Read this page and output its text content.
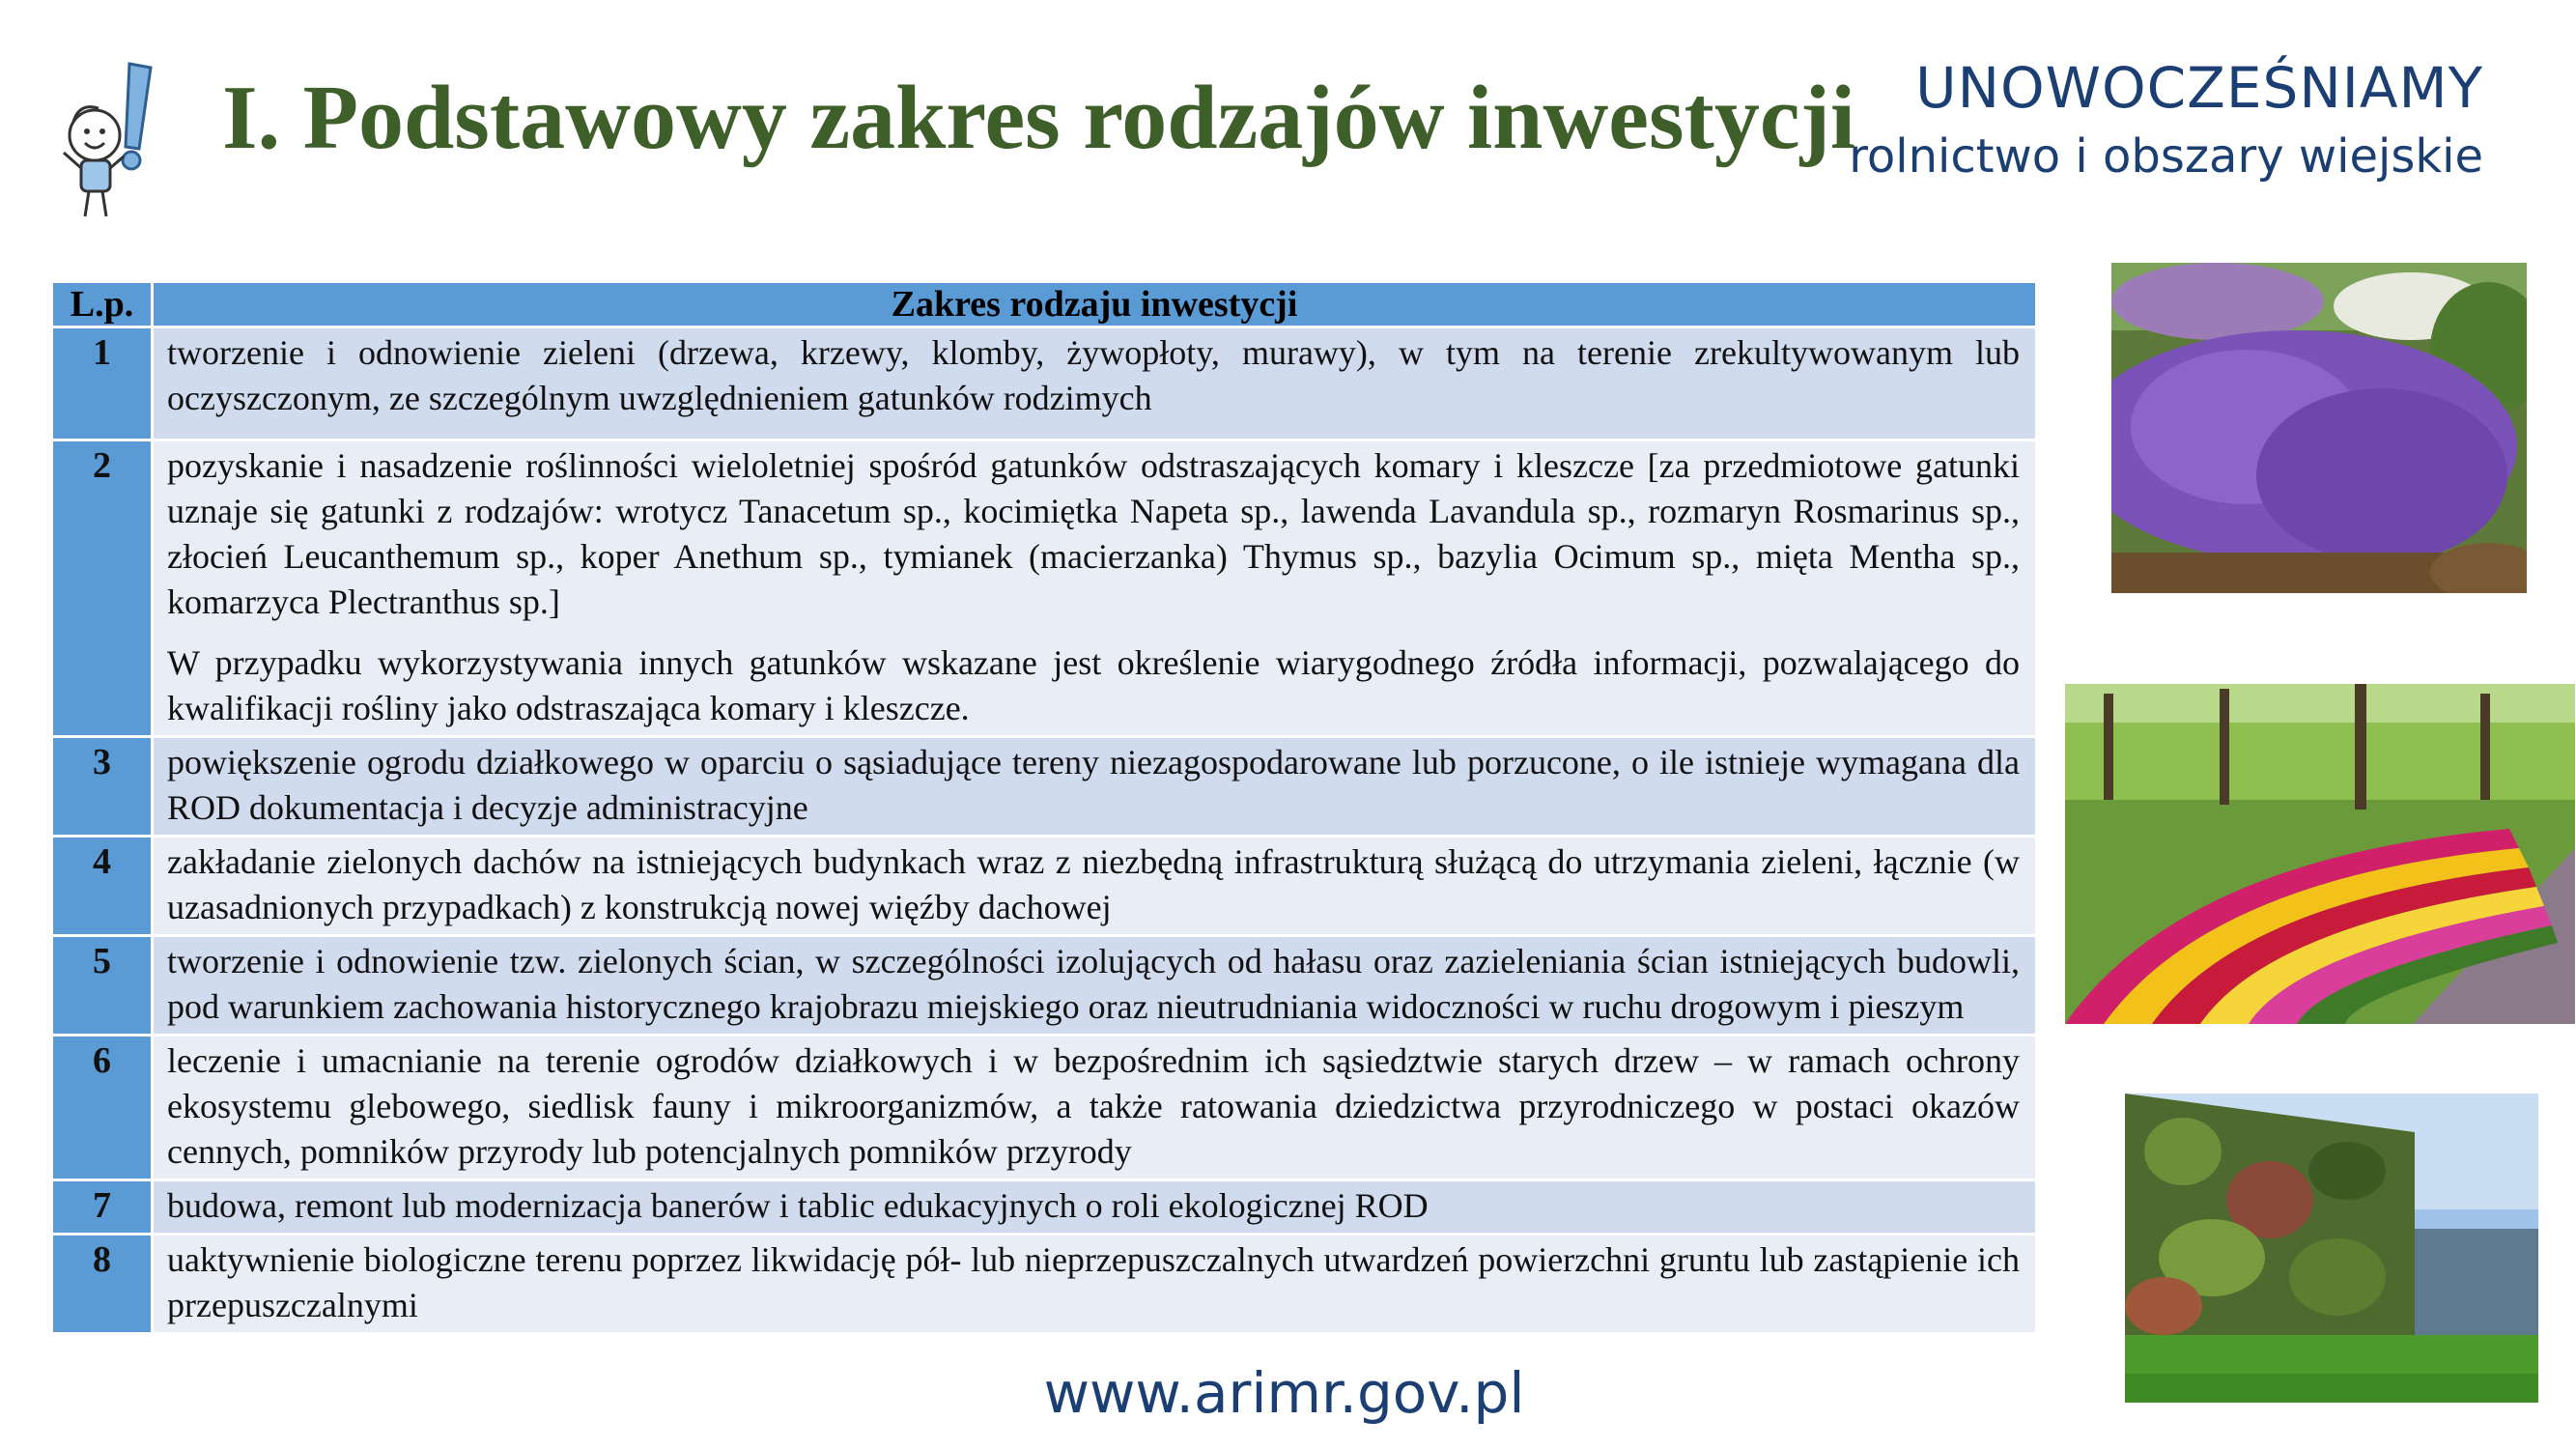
I. Podstawowy zakres rodzajów inwestycji	UNOWOCZEŚNIAMY
rolnictwo i obszary wiejskie
L.p.	Zakres rodzaju inwestycji
1	tworzenie i odnowienie zieleni (drzewa, krzewy, klomby, żywopłoty, murawy), w tym na terenie zrekultywowanym lub oczyszczonym, ze szczególnym uwzględnieniem gatunków rodzimych

2	pozyskanie i nasadzenie roślinności wieloletniej spośród gatunków odstraszających komary i kleszcze [za przedmiotowe gatunki uznaje się gatunki z rodzajów: wrotycz Tanacetum sp., kocimiętka Napeta sp., lawenda Lavandula sp., rozmaryn Rosmarinus sp., złocień Leucanthemum sp., koper Anethum sp., tymianek (macierzanka) Thymus sp., bazylia Ocimum sp., mięta Mentha sp., komarzyca Plectranthus sp.]

W przypadku wykorzystywania innych gatunków wskazane jest określenie wiarygodnego źródła informacji, pozwalającego do kwalifikacji rośliny jako odstraszająca komary i kleszcze.

3	powiększenie ogrodu działkowego w oparciu o sąsiadujące tereny niezagospodarowane lub porzucone, o ile istnieje wymagana dla ROD dokumentacja i decyzje administracyjne

4	zakładanie zielonych dachów na istniejących budynkach wraz z niezbędną infrastrukturą służącą do utrzymania zieleni, łącznie (w uzasadnionych przypadkach) z konstrukcją nowej więźby dachowej

5	tworzenie i odnowienie tzw. zielonych ścian, w szczególności izolujących od hałasu oraz zazieleniania ścian istniejących budowli, pod warunkiem zachowania historycznego krajobrazu miejskiego oraz nieutrudniania widoczności w ruchu drogowym i pieszym

6	leczenie i umacnianie na terenie ogrodów działkowych i w bezpośrednim ich sąsiedztwie starych drzew – w ramach ochrony ekosystemu glebowego, siedlisk fauny i mikroorganizmów, a także ratowania dziedzictwa przyrodniczego w postaci okazów cennych, pomników przyrody lub potencjalnych pomników przyrody

7	budowa, remont lub modernizacja banerów i tablic edukacyjnych o roli ekologicznej ROD

8	uaktywnienie biologiczne terenu poprzez likwidację pół- lub nieprzepuszczalnych utwardzeń powierzchni gruntu lub zastąpienie ich przepuszczalnymi

www.arimr.gov.pl
